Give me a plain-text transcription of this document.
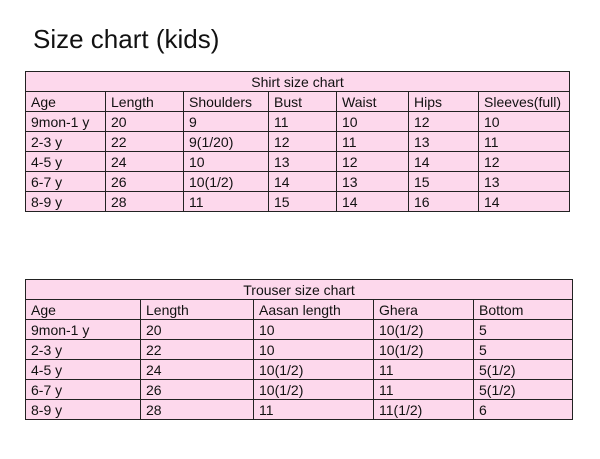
Size chart (kids)
Shirt size chart						
Age	Length	Shoulders	Bust	Waist	Hips	Sleeves(full)
9mon-1 y	20	9	11	10	12	10
2-3 y	22	9(1/20)	12	11	13	11
4-5 y	24	10	13	12	14	12
6-7 y	26	10(1/2)	14	13	15	13
8-9 y	28	11	15	14	16	14
Trouser size chart				
Age	Length	Aasan length	Ghera	Bottom
9mon-1 y	20	10	10(1/2)	5
2-3 y	22	10	10(1/2)	5
4-5 y	24	10(1/2)	11	5(1/2)
6-7 y	26	10(1/2)	11	5(1/2)
8-9 y	28	11	11(1/2)	6
